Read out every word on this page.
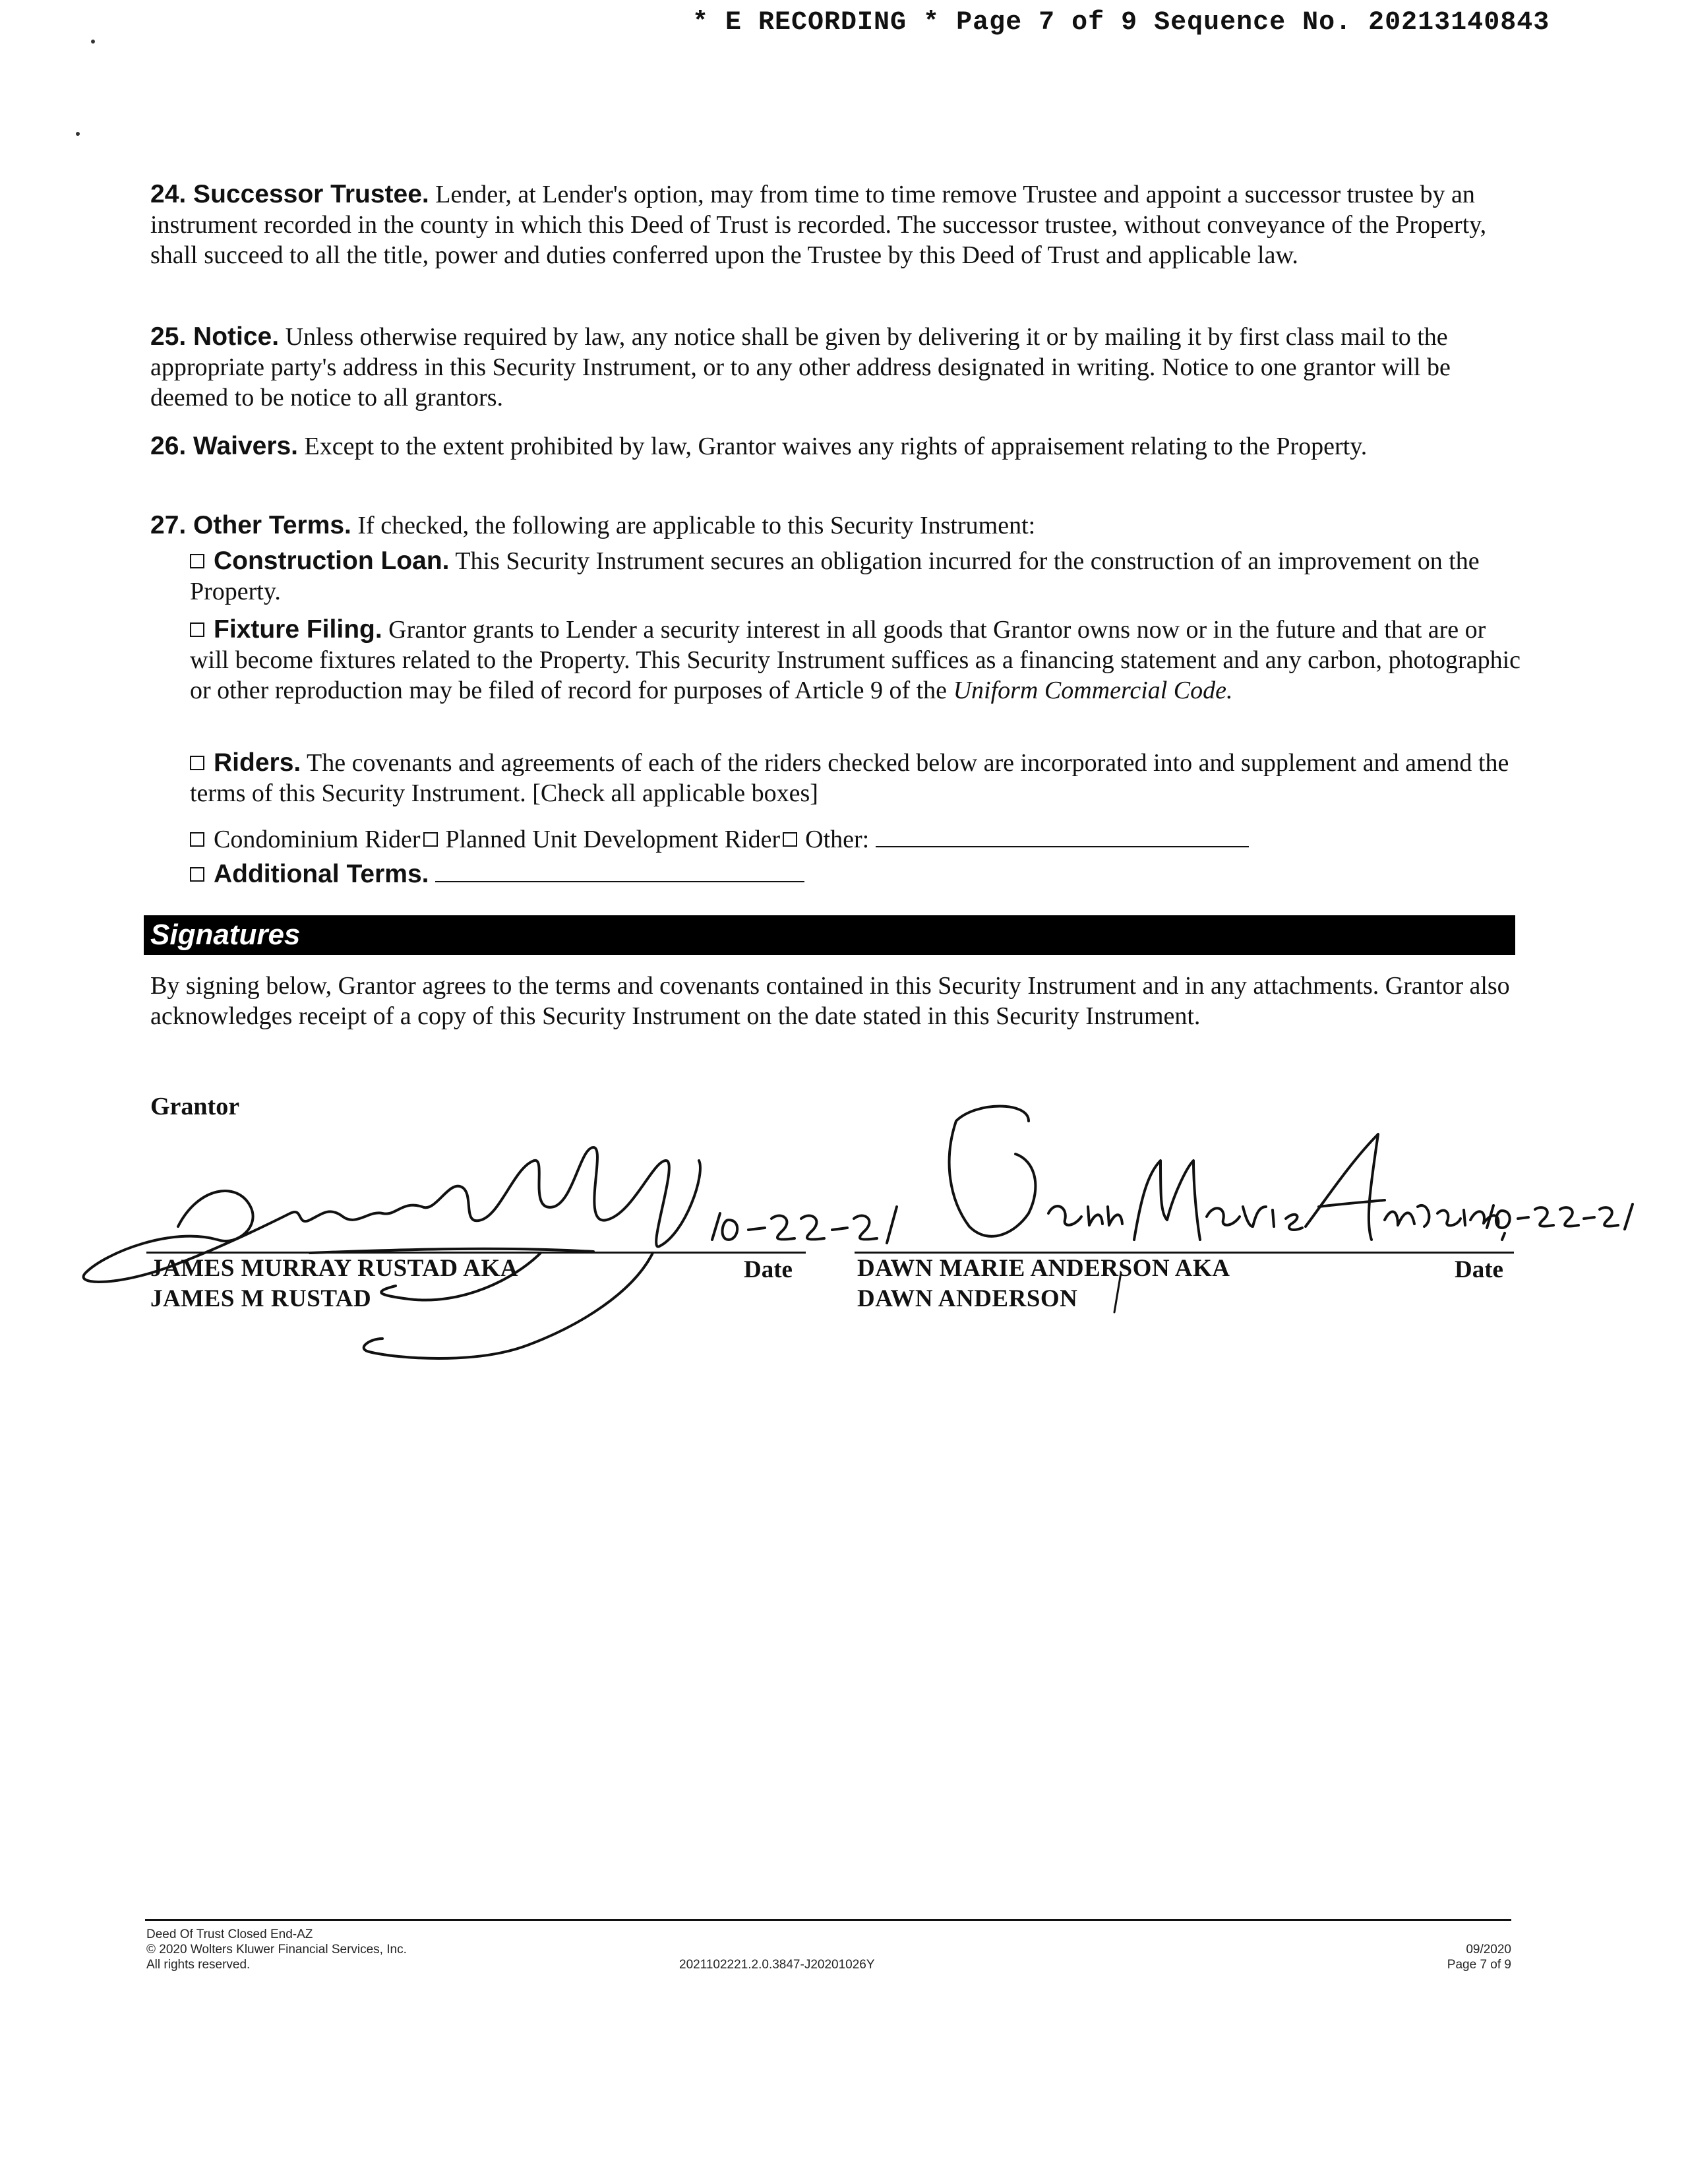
* E RECORDING * Page 7 of 9 Sequence No. 20213140843
24. Successor Trustee. Lender, at Lender's option, may from time to time remove Trustee and appoint a successor trustee by an instrument recorded in the county in which this Deed of Trust is recorded. The successor trustee, without conveyance of the Property, shall succeed to all the title, power and duties conferred upon the Trustee by this Deed of Trust and applicable law.
25. Notice. Unless otherwise required by law, any notice shall be given by delivering it or by mailing it by first class mail to the appropriate party's address in this Security Instrument, or to any other address designated in writing. Notice to one grantor will be deemed to be notice to all grantors.
26. Waivers. Except to the extent prohibited by law, Grantor waives any rights of appraisement relating to the Property.
27. Other Terms. If checked, the following are applicable to this Security Instrument:
Construction Loan. This Security Instrument secures an obligation incurred for the construction of an improvement on the Property.
Fixture Filing. Grantor grants to Lender a security interest in all goods that Grantor owns now or in the future and that are or will become fixtures related to the Property. This Security Instrument suffices as a financing statement and any carbon, photographic or other reproduction may be filed of record for purposes of Article 9 of the Uniform Commercial Code.
Riders. The covenants and agreements of each of the riders checked below are incorporated into and supplement and amend the terms of this Security Instrument. [Check all applicable boxes]
Condominium Rider Planned Unit Development Rider Other:
Additional Terms.
Signatures
By signing below, Grantor agrees to the terms and covenants contained in this Security Instrument and in any attachments. Grantor also acknowledges receipt of a copy of this Security Instrument on the date stated in this Security Instrument.
Grantor
JAMES MURRAY RUSTAD AKA
JAMES M RUSTAD
Date	DAWN MARIE ANDERSON AKA
DAWN ANDERSON
Date
Deed Of Trust Closed End-AZ
© 2020 Wolters Kluwer Financial Services, Inc.
All rights reserved.	2021102221.2.0.3847-J20201026Y
09/2020
Page 7 of 9
